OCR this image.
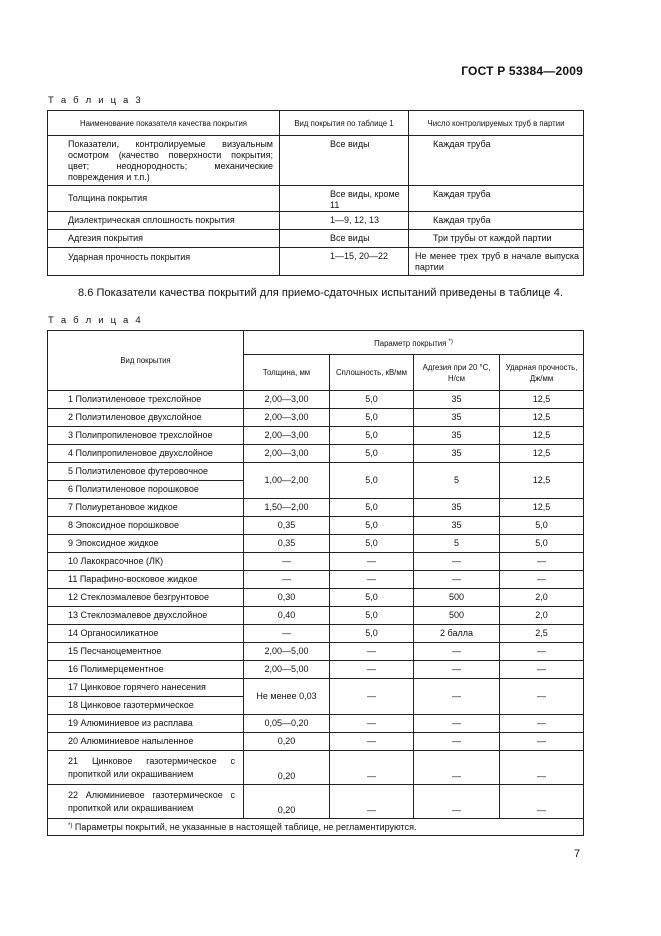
ГОСТ Р 53384—2009
Т а б л и ц а 3
Наименование показателя качества покрытия	Вид покрытия по таблице 1	Число контролируемых труб в партии
Показатели, контролируемые визуальным осмотром (качество поверхности покрытия; цвет; неоднородность; механические повреждения и т.п.)	Все виды	Каждая труба
Толщина покрытия	Все виды, кроме 11	Каждая труба
Диэлектрическая сплошность покрытия	1—9, 12, 13	Каждая труба
Адгезия покрытия	Все виды	Три трубы от каждой партии
Ударная прочность покрытия	1—15, 20—22	Не менее трех труб в начале выпуска партии
8.6 Показатели качества покрытий для приемо-сдаточных испытаний приведены в таблице 4.
Т а б л и ц а 4
Вид покрытия	Параметр покрытия *)
	Толщина, мм	Сплошность, кВ/мм	Адгезия при 20 °С, Н/см	Ударная прочность, Дж/мм
1 Полиэтиленовое трехслойное	2,00—3,00	5,0	35	12,5
2 Полиэтиленовое двухслойное	2,00—3,00	5,0	35	12,5
3 Полипропиленовое трехслойное	2,00—3,00	5,0	35	12,5
4 Полипропиленовое двухслойное	2,00—3,00	5,0	35	12,5
5 Полиэтиленовое футеровочное	1,00—2,00	5,0	5	12,5
6 Полиэтиленовое порошковое				
7 Полиуретановое жидкое	1,50—2,00	5,0	35	12,5
8 Эпоксидное порошковое	0,35	5,0	35	5,0
9 Эпоксидное жидкое	0,35	5,0	5	5,0
10 Лакокрасочное (ЛК)	—	—	—	—
11 Парафино-восковое жидкое	—	—	—	—
12 Стеклоэмалевое безгрунтовое	0,30	5,0	500	2,0
13 Стеклоэмалевое двухслойное	0,40	5,0	500	2,0
14 Органосиликатное	—	5,0	2 балла	2,5
15 Песчаноцементное	2,00—5,00	—	—	—
16 Полимерцементное	2,00—5,00	—	—	—
17 Цинковое горячего нанесения	Не менее 0,03	—	—	—
18 Цинковое газотермическое				
19 Алюминиевое из расплава	0,05—0,20	—	—	—
20 Алюминиевое напыленное	0,20	—	—	—
21 Цинковое газотермическое с пропиткой или окрашиванием	0,20	—	—	—
22 Алюминиевое газотермическое с пропиткой или окрашиванием	0,20	—	—	—
*) Параметры покрытий, не указанные в настоящей таблице, не регламентируются.				
7
